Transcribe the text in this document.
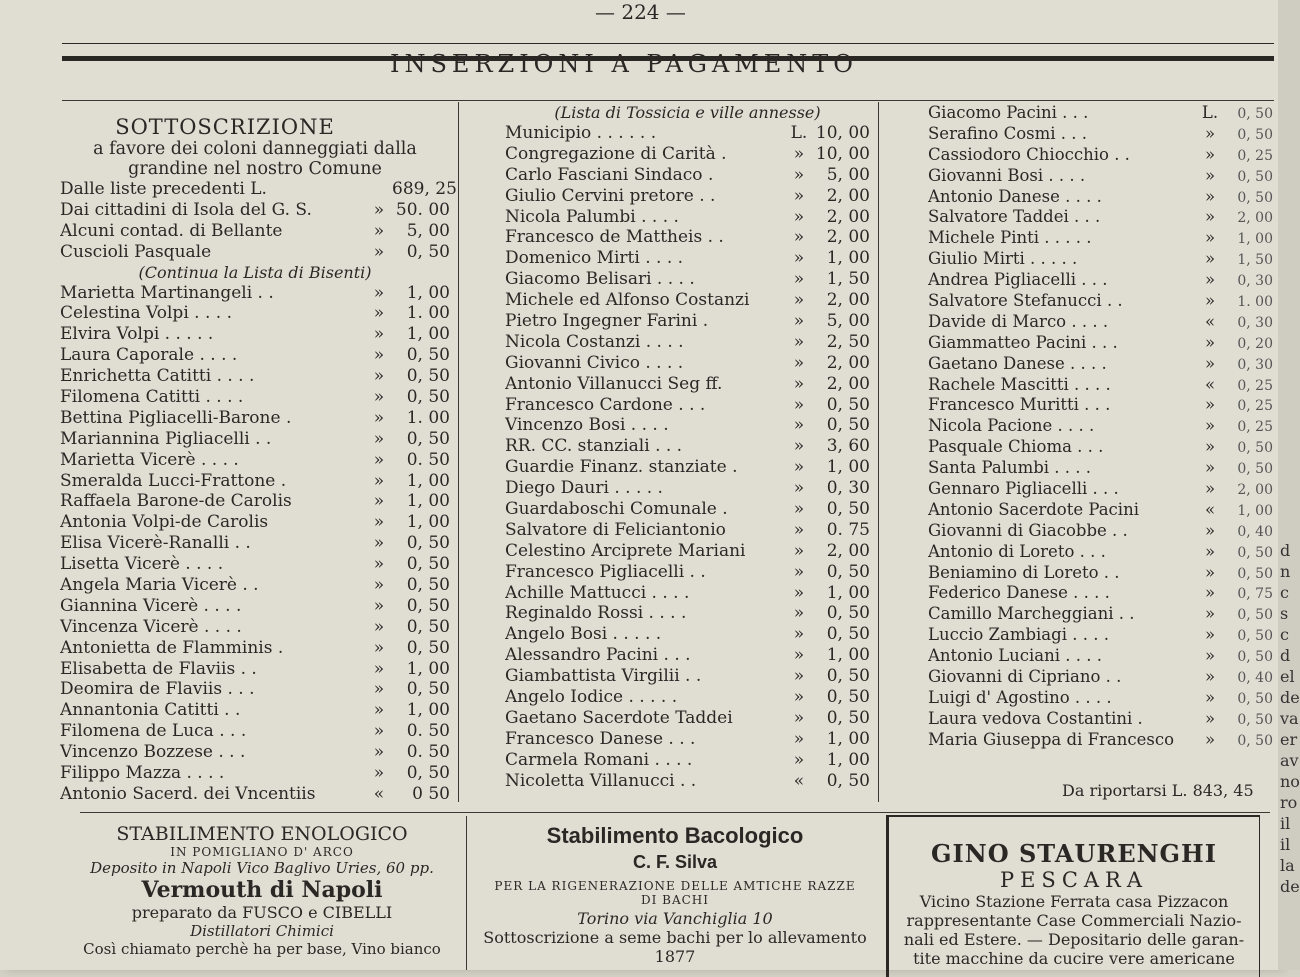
— 224 —
INSERZIONI A PAGAMENTO
SOTTOSCRIZIONE
a favore dei coloni danneggiati dalla grandine nel nostro Comune
Dalle liste precedenti L.	689, 25
Dai cittadini di Isola del G. S.	» 50. 00
Alcuni contad. di Bellante	»	5, 00
Cuscioli Pasquale	»	0, 50
(Continua la Lista di Bisenti)
Marietta Martinangeli . .	»	1, 00
Celestina Volpi . . . .	»	1. 00
Elvira Volpi . . . . .	»	1, 00
Laura Caporale . . . .	»	0, 50
Enrichetta Catitti . . . .	»	0, 50
Filomena Catitti . . . .	»	0, 50
Bettina Pigliacelli-Barone .	»	1. 00
Mariannina Pigliacelli . .	»	0, 50
Marietta Vicerè . . . .	»	0. 50
Smeralda Lucci-Frattone .	»	1, 00
Raffaela Barone-de Carolis	»	1, 00
Antonia Volpi-de Carolis	»	1, 00
Elisa Vicerè-Ranalli . .	»	0, 50
Lisetta Vicerè . . . .	»	0, 50
Angela Maria Vicerè . .	»	0, 50
Giannina Vicerè . . . .	»	0, 50
Vincenza Vicerè . . . .	»	0, 50
Antonietta de Flamminis .	»	0, 50
Elisabetta de Flaviis . .	»	1, 00
Deomira de Flaviis . . .	»	0, 50
Annantonia Catitti . .	»	1, 00
Filomena de Luca . . .	»	0. 50
Vincenzo Bozzese . . .	»	0. 50
Filippo Mazza . . . .	»	0, 50
Antonio Sacerd. dei Vncentiis	«	0 50
(Lista di Tossicia e ville annesse)
Municipio . . . . . .	L. 10, 00
Congregazione di Carità .	» 10, 00
Carlo Fasciani Sindaco .	»	5, 00
Giulio Cervini pretore . .	»	2, 00
Nicola Palumbi . . . .	»	2, 00
Francesco de Mattheis . .	»	2, 00
Domenico Mirti . . . .	»	1, 00
Giacomo Belisari . . . .	»	1, 50
Michele ed Alfonso Costanzi	»	2, 00
Pietro Ingegner Farini .	»	5, 00
Nicola Costanzi . . . .	»	2, 50
Giovanni Civico . . . .	»	2, 00
Antonio Villanucci Seg ff.	»	2, 00
Francesco Cardone . . .	»	0, 50
Vincenzo Bosi . . . .	»	0, 50
RR. CC. stanziali . . .	»	3, 60
Guardie Finanz. stanziate .	»	1, 00
Diego Dauri . . . . .	»	0, 30
Guardaboschi Comunale .	»	0, 50
Salvatore di Feliciantonio	»	0. 75
Celestino Arciprete Mariani	»	2, 00
Francesco Pigliacelli . .	»	0, 50
Achille Mattucci . . . .	»	1, 00
Reginaldo Rossi . . . .	»	0, 50
Angelo Bosi . . . . .	»	0, 50
Alessandro Pacini . . .	»	1, 00
Giambattista Virgilii . .	»	0, 50
Angelo Iodice . . . . .	»	0, 50
Gaetano Sacerdote Taddei	»	0, 50
Francesco Danese . . .	»	1, 00
Carmela Romani . . . .	»	1, 00
Nicoletta Villanucci . .	«	0, 50
Giacomo Pacini . . .	L.	0, 50
Serafino Cosmi . . .	»	0, 50
Cassiodoro Chiocchio . .	»	0, 25
Giovanni Bosi . . . .	»	0, 50
Antonio Danese . . . .	»	0, 50
Salvatore Taddei . . .	»	2, 00
Michele Pinti . . . . .	»	1, 00
Giulio Mirti . . . . .	»	1, 50
Andrea Pigliacelli . . .	»	0, 30
Salvatore Stefanucci . .	»	1. 00
Davide di Marco . . . .	«	0, 30
Giammatteo Pacini . . .	»	0, 20
Gaetano Danese . . . .	»	0, 30
Rachele Mascitti . . . .	«	0, 25
Francesco Muritti . . .	»	0, 25
Nicola Pacione . . . .	»	0, 25
Pasquale Chioma . . .	»	0, 50
Santa Palumbi . . . .	»	0, 50
Gennaro Pigliacelli . . .	»	2, 00
Antonio Sacerdote Pacini	«	1, 00
Giovanni di Giacobbe . .	»	0, 40
Antonio di Loreto . . .	»	0, 50
Beniamino di Loreto . .	»	0, 50
Federico Danese . . . .	»	0, 75
Camillo Marcheggiani . .	»	0, 50
Luccio Zambiagi . . . .	»	0, 50
Antonio Luciani . . . .	»	0, 50
Giovanni di Cipriano . .	»	0, 40
Luigi d' Agostino . . . .	»	0, 50
Laura vedova Costantini .	»	0, 50
Maria Giuseppa di Francesco	»	0, 50
Da riportarsi L. 843, 45
STABILIMENTO ENOLOGICO
IN POMIGLIANO D' ARCO
Deposito in Napoli Vico Baglivo Uries, 60 pp.
Vermouth di Napoli
preparato da FUSCO e CIBELLI
Distillatori Chimici
Così chiamato perchè ha per base, Vino bianco
Stabilimento Bacologico
C. F. Silva
PER LA RIGENERAZIONE DELLE AMTICHE RAZZE
DI BACHI
Torino via Vanchiglia 10
Sottoscrizione a seme bachi per lo allevamento 1877
GINO STAURENGHI
PESCARA
Vicino Stazione Ferrata casa Pizzacon
rappresentante Case Commerciali Nazio-
nali ed Estere. — Depositario delle garan-
tite macchine da cucire vere americane
d n c s c d el de va er av no ro il il la de
